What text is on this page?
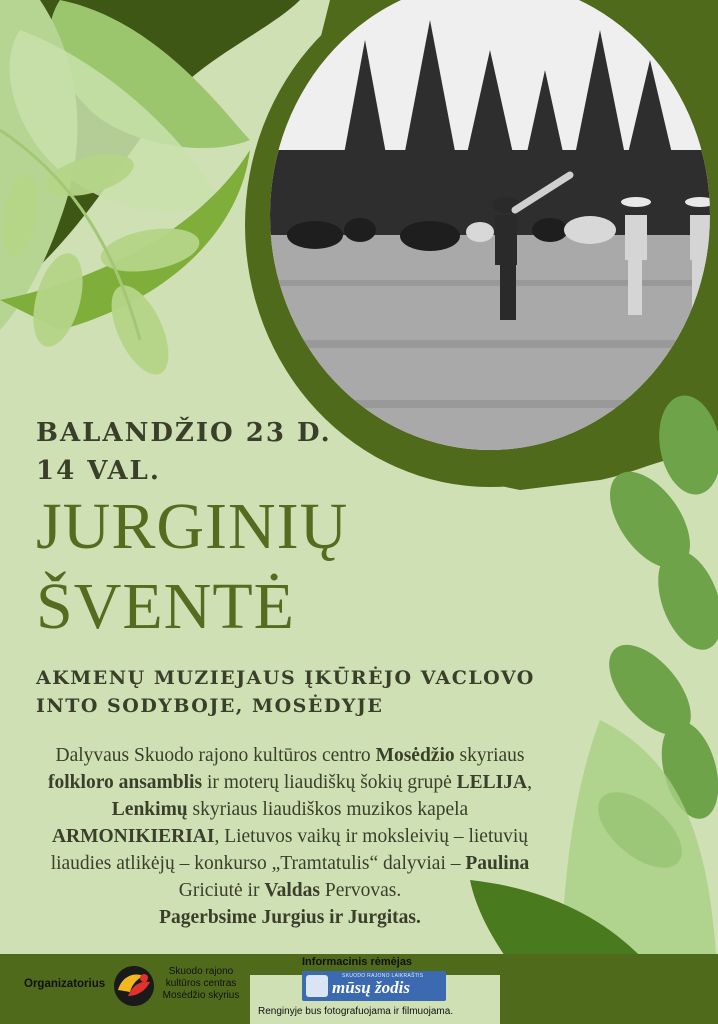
BALANDŽIO 23 D.
14 VAL.
JURGINIŲ
ŠVENTĖ
AKMENŲ MUZIEJAUS ĮKŪRĖJO VACLOVO
INTO SODYBOJE, MOSĖDYJE
Dalyvaus Skuodo rajono kultūros centro Mosėdžio skyriaus folkloro ansamblis ir moterų liaudiškų šokių grupė LELIJA, Lenkimų skyriaus liaudiškos muzikos kapela ARMONIKIERIAI, Lietuvos vaikų ir moksleivių – lietuvių liaudies atlikėjų – konkurso „Tramtatulis“ dalyviai – Paulina Griciutė ir Valdas Pervovas.
Pagerbsime Jurgius ir Jurgitas.
Organizatorius
Skuodo rajono
kultūros centras
Mosėdžio skyrius
Informacinis rėmėjas
SKUODO RAJONO LAIKRAŠTIS
mūsų žodis
Renginyje bus fotografuojama ir filmuojama.
